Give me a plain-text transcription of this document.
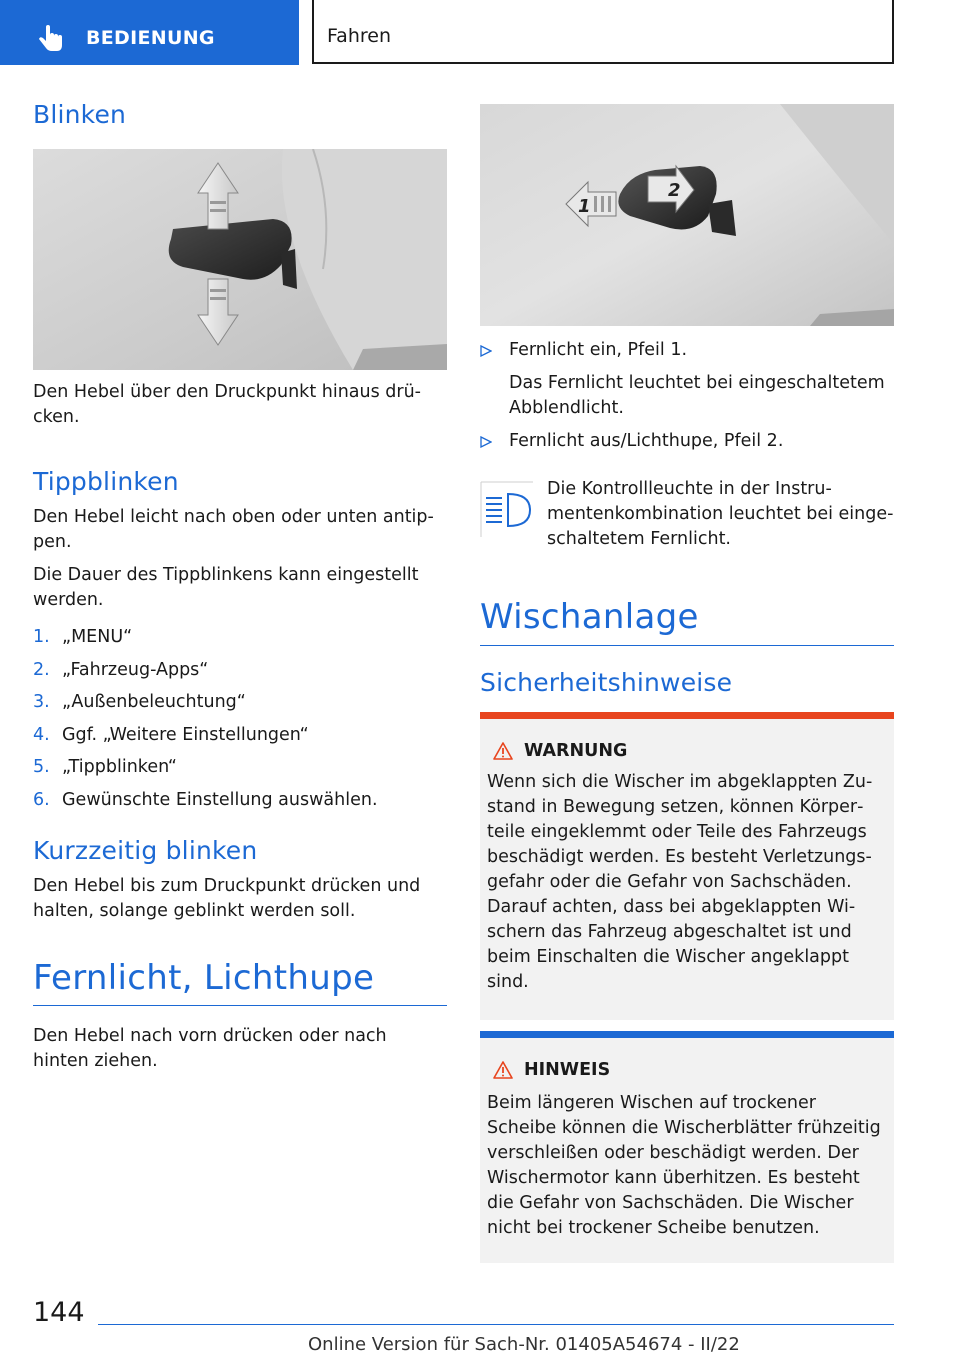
BEDIENUNG	Fahren
Blinken

Den Hebel über den Druckpunkt hinaus drü‐cken.

Tippblinken

Den Hebel leicht nach oben oder unten antip‐pen.

Die Dauer des Tippblinkens kann eingestellt werden.

1. „MENU“
2. „Fahrzeug-Apps“
3. „Außenbeleuchtung“
4. Ggf. „Weitere Einstellungen“
5. „Tippblinken“
6. Gewünschte Einstellung auswählen.
Kurzzeitig blinken

Den Hebel bis zum Druckpunkt drücken und halten, solange geblinkt werden soll.

Fernlicht, Lichthupe

Den Hebel nach vorn drücken oder nach hinten ziehen.

2
1
Fernlicht ein, Pfeil 1.
Das Fernlicht leuchtet bei eingeschaltetem Abblendlicht.
Fernlicht aus/Lichthupe, Pfeil 2.

Die Kontrollleuchte in der Instru‐mentenkombination leuchtet bei einge‐schaltetem Fernlicht.

Wischanlage
Sicherheitshinweise
WARNUNG

Wenn sich die Wischer im abgeklappten Zu‐stand in Bewegung setzen, können Körper‐teile eingeklemmt oder Teile des Fahrzeugs beschädigt werden. Es besteht Verletzungs‐gefahr oder die Gefahr von Sachschäden. Darauf achten, dass bei abgeklappten Wi‐schern das Fahrzeug abgeschaltet ist und beim Einschalten die Wischer angeklappt sind.

HINWEIS

Beim längeren Wischen auf trockener Scheibe können die Wischerblätter frühzeitig verschleißen oder beschädigt werden. Der Wischermotor kann überhitzen. Es besteht die Gefahr von Sachschäden. Die Wischer nicht bei trockener Scheibe benutzen.

144
Online Version für Sach-Nr. 01405A54674 - II/22
